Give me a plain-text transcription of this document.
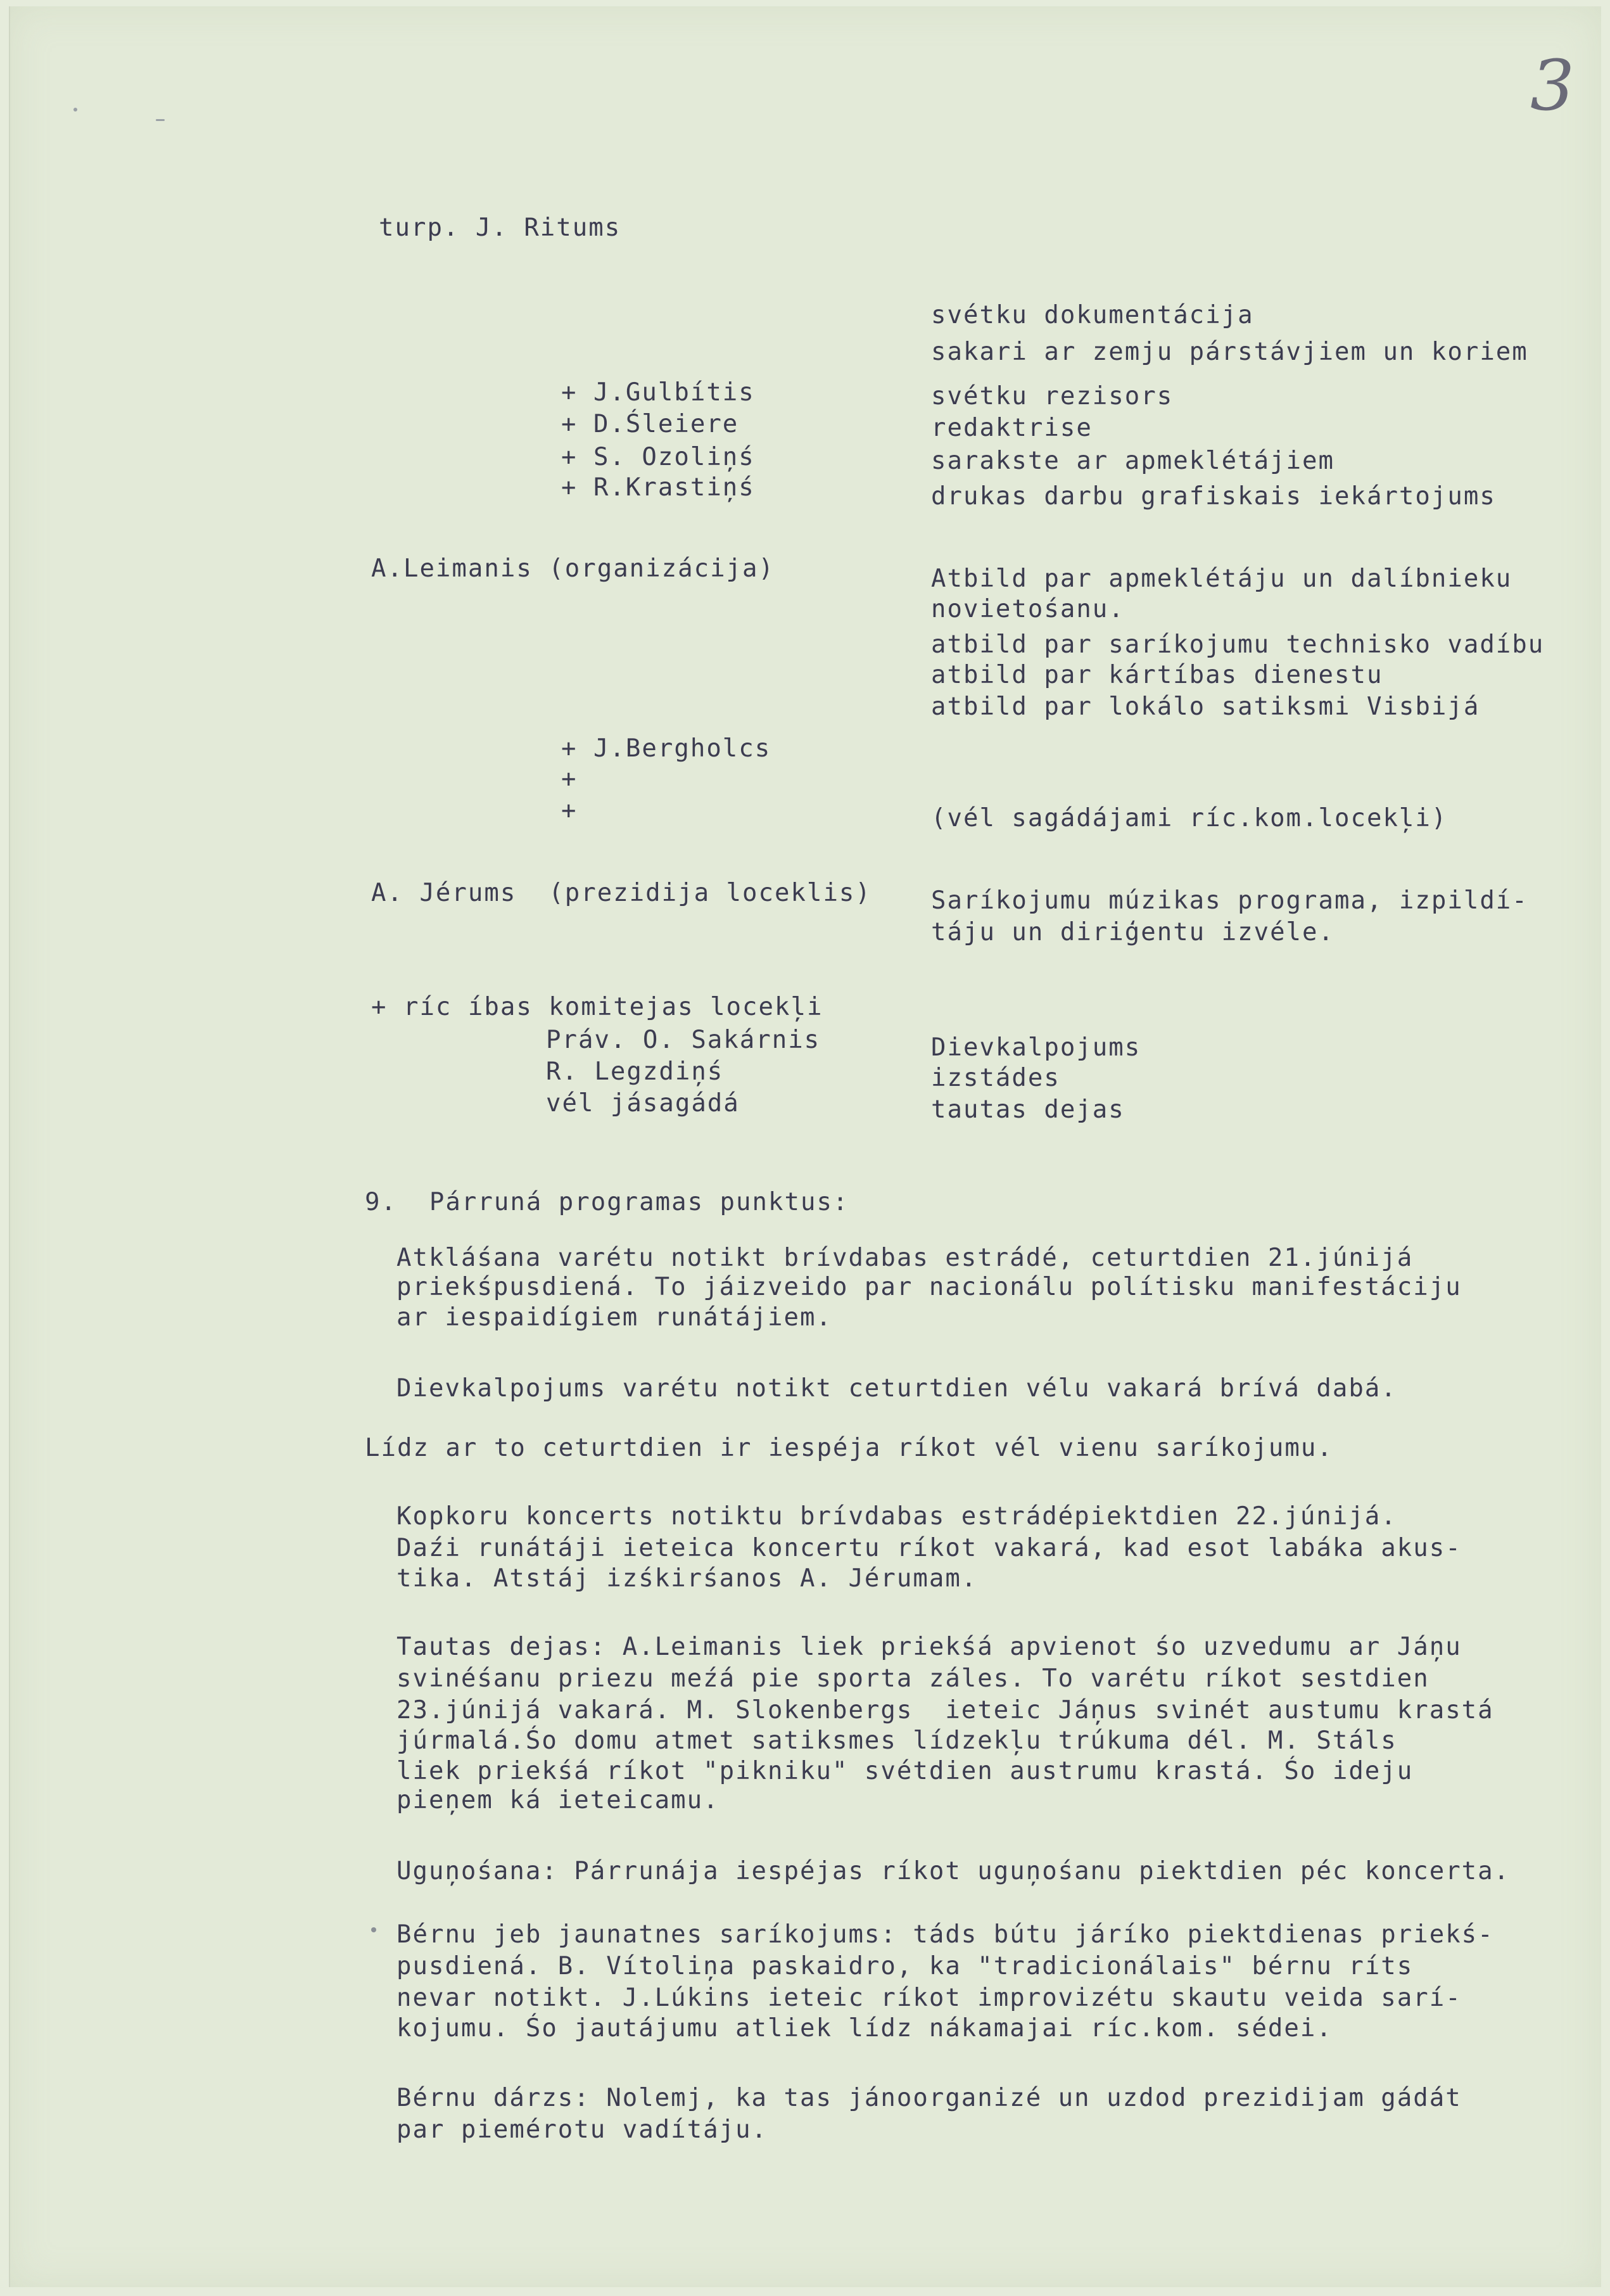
3
turp. J. Ritums
svétku dokumentácija
sakari ar zemju párstávjiem un koriem
+ J.Gulbítis	svétku rezisors
+ D.Śleiere	redaktrise
+ S. Ozoliņś	sarakste ar apmeklétájiem
+ R.Krastiņś	drukas darbu grafiskais iekártojums
A.Leimanis (organizácija)	Atbild par apmeklétáju un dalíbnieku
novietośanu.
atbild par saríkojumu technisko vadíbu
atbild par kártíbas dienestu
atbild par lokálo satiksmi Visbijá
+ J.Bergholcs
+
+	(vél sagádájami ríc.kom.locekļi)
A. Jérums  (prezidija loceklis) Saríkojumu múzikas programa, izpildí-
táju un diriģentu izvéle.
+ ríc íbas komitejas locekļi
Práv. O. Sakárnis	Dievkalpojums
R. Legzdiņś	izstádes
vél jásagádá	tautas dejas
9.  Párruná programas punktus:
Atkláśana varétu notikt brívdabas estrádé, ceturtdien 21.júnijá
priekśpusdiená. To jáizveido par nacionálu polítisku manifestáciju
ar iespaidígiem runátájiem.
Dievkalpojums varétu notikt ceturtdien vélu vakará brívá dabá.
Lídz ar to ceturtdien ir iespéja ríkot vél vienu saríkojumu.
Kopkoru koncerts notiktu brívdabas estrádépiektdien 22.júnijá.
Daźi runátáji ieteica koncertu ríkot vakará, kad esot labáka akus-
tika. Atstáj izśkirśanos A. Jérumam.
Tautas dejas: A.Leimanis liek priekśá apvienot śo uzvedumu ar Jáņu
svinéśanu priezu meźá pie sporta záles. To varétu ríkot sestdien
23.júnijá vakará. M. Slokenbergs  ieteic Jáņus svinét austumu krastá
júrmalá.Śo domu atmet satiksmes lídzekļu trúkuma dél. M. Stáls
liek priekśá ríkot "pikniku" svétdien austrumu krastá. Śo ideju
pieņem ká ieteicamu.
Uguņośana: Párrunája iespéjas ríkot uguņośanu piektdien péc koncerta.
Bérnu jeb jaunatnes saríkojums: táds bútu járíko piektdienas priekś-
pusdiená. B. Vítoliņa paskaidro, ka "tradicionálais" bérnu ríts
nevar notikt. J.Lúkins ieteic ríkot improvizétu skautu veida sarí-
kojumu. Śo jautájumu atliek lídz nákamajai ríc.kom. sédei.
Bérnu dárzs: Nolemj, ka tas jánoorganizé un uzdod prezidijam gádát
par piemérotu vadítáju.
